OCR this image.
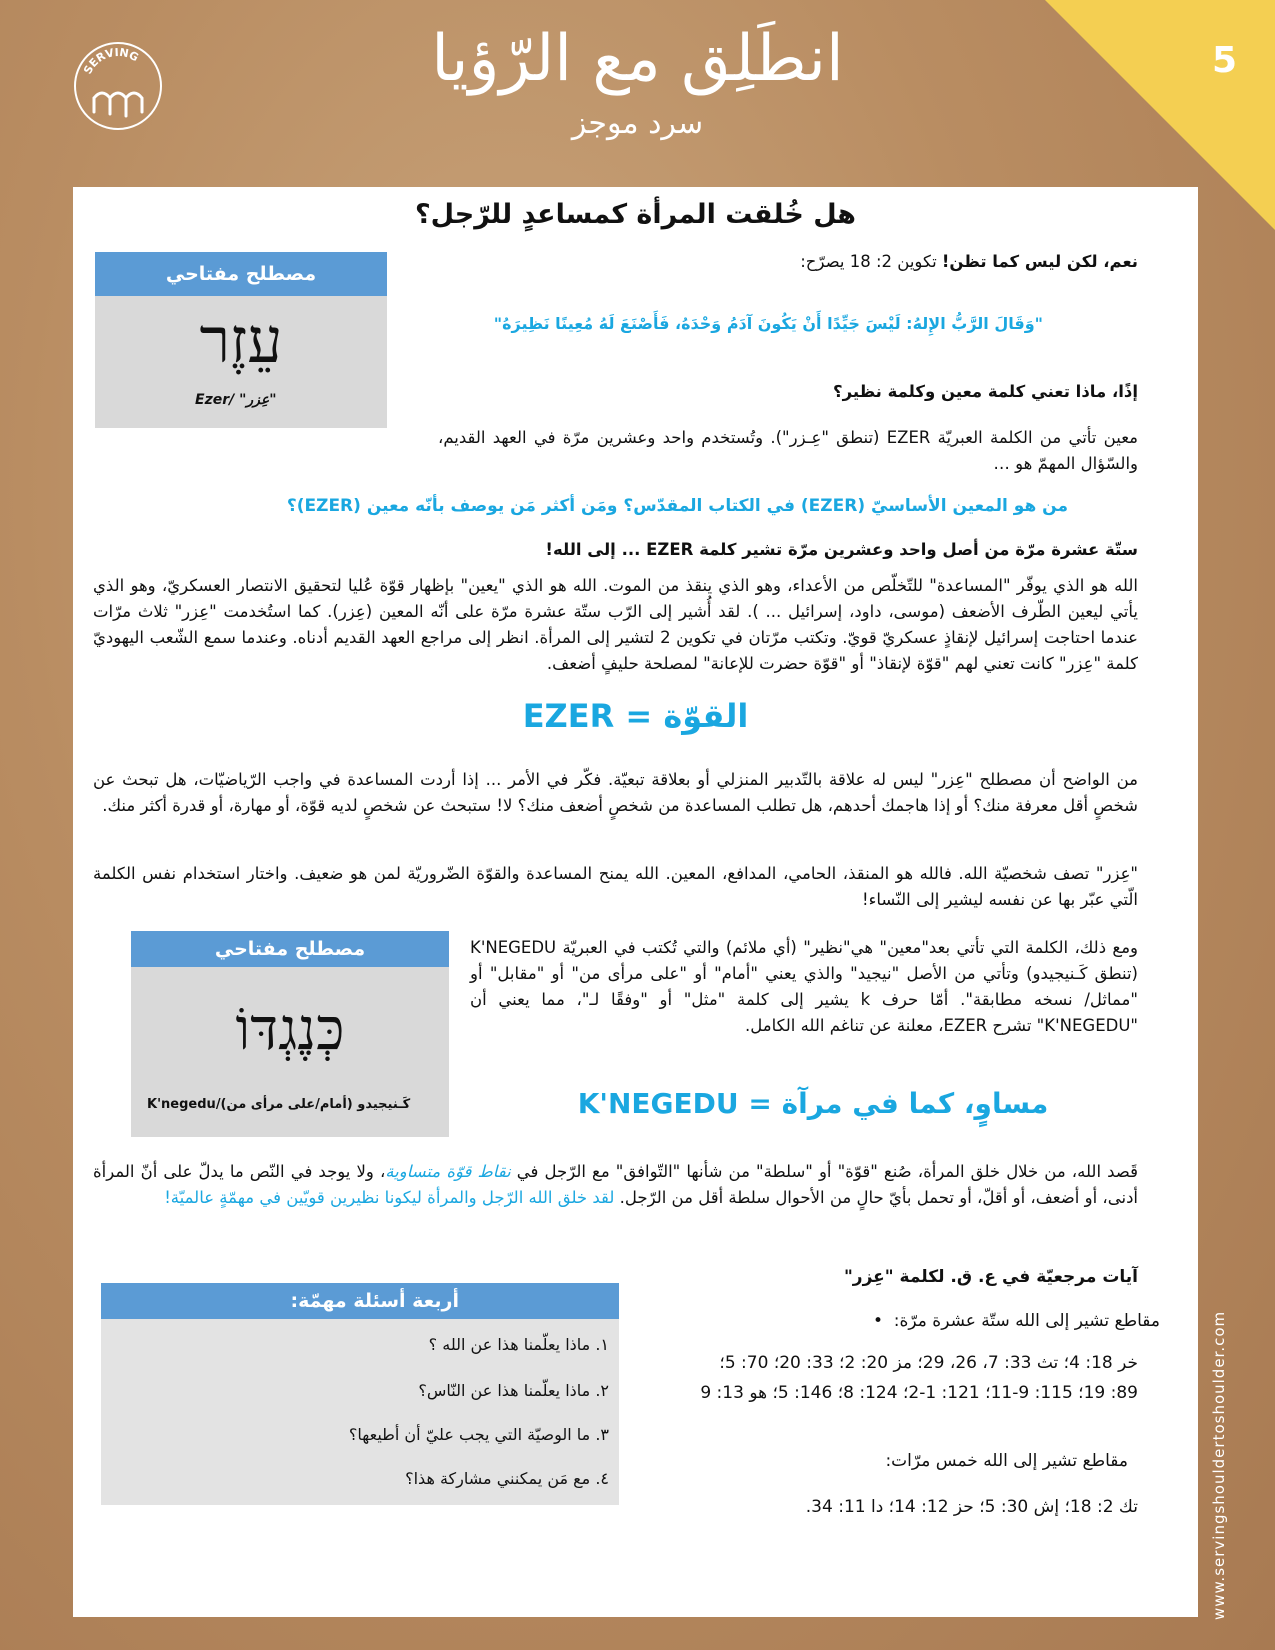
5
SERVING	انطَلِق مع الرّؤيا
سرد موجز
www.servingshouldertoshoulder.com
هل خُلقت المرأة كمساعدٍ للرّجل؟
مصطلح مفتاحي
עֵזֶר
"عِزر" /Ezer
نعم، لكن ليس كما تظن! تكوين 2: 18 يصرّح:
"وَقَالَ الرَّبُّ الإِلهُ: لَيْسَ جَيِّدًا أَنْ يَكُونَ آدَمُ وَحْدَهُ، فَأَصْنَعَ لَهُ مُعِينًا نَظِيرَهُ"
إذًا، ماذا تعني كلمة معين وكلمة نظير؟
معين تأتي من الكلمة العبريّة EZER (تنطق "عِـزر"). وتُستخدم واحد وعشرين مرّة في العهد القديم، والسّؤال المهمّ هو …
من هو المعين الأساسيّ (EZER) في الكتاب المقدّس؟ ومَن أكثر مَن يوصف بأنّه معين (EZER)؟
ستّة عشرة مرّة من أصل واحد وعشرين مرّة تشير كلمة EZER ... إلى الله!
الله هو الذي يوفّر "المساعدة" للتّخلّص من الأعداء، وهو الذي ينقذ من الموت. الله هو الذي "يعين" بإظهار قوّة عُليا لتحقيق الانتصار العسكريّ، وهو الذي يأتي ليعين الطّرف الأضعف (موسى، داود، إسرائيل ... ). لقد أُشير إلى الرّب ستّة عشرة مرّة على أنّه المعين (عِزر). كما استُخدمت "عِزر" ثلاث مرّات عندما احتاجت إسرائيل لإنقاذٍ عسكريّ قويّ. وتكتب مرّتان في تكوين 2 لتشير إلى المرأة. انظر إلى مراجع العهد القديم أدناه. وعندما سمع الشّعب اليهوديّ كلمة "عِزر" كانت تعني لهم "قوّة لإنقاذ" أو "قوّة حضرت للإعانة" لمصلحة حليفٍ أضعف.
EZER = القوّة
من الواضح أن مصطلح "عِزر" ليس له علاقة بالتّدبير المنزلي أو بعلاقة تبعيّة. فكّر في الأمر ... إذا أردت المساعدة في واجب الرّياضيّات، هل تبحث عن شخصٍ أقل معرفة منك؟ أو إذا هاجمك أحدهم، هل تطلب المساعدة من شخصٍ أضعف منك؟ لا! ستبحث عن شخصٍ لديه قوّة، أو مهارة، أو قدرة أكثر منك.
"عِزر" تصف شخصيّة الله. فالله هو المنقذ، الحامي، المدافع، المعين. الله يمنح المساعدة والقوّة الضّروريّة لمن هو ضعيف. واختار استخدام نفس الكلمة الّتي عبّر بها عن نفسه ليشير إلى النّساء!
مصطلح مفتاحي
כְּנֶגְדּוֹ
كَـنيجيدو (أمام/على مرأى من)/K'negedu
ومع ذلك، الكلمة التي تأتي بعد"معين" هي"نظير" (أي ملائم) والتي تُكتب في العبريّة K'NEGEDU (تنطق كَـنيجيدو) وتأتي من الأصل "نيجيد" والذي يعني "أمام" أو "على مرأى من" أو "مقابل" أو "مماثل/ نسخه مطابقة". أمّا حرف k يشير إلى كلمة "مثل" أو "وفقًا لـ"، مما يعني أن "K'NEGEDU" تشرح EZER، معلنة عن تناغم الله الكامل.
K'NEGEDU = مساوٍ، كما في مرآة
قَصد الله، من خلال خلق المرأة، صُنع "قوّة" أو "سلطة" من شأنها "التّوافق" مع الرّجل في نقاط قوّة متساوية، ولا يوجد في النّص ما يدلّ على أنّ المرأة أدنى، أو أضعف، أو أقلّ، أو تحمل بأيّ حالٍ من الأحوال سلطة أقل من الرّجل. لقد خلق الله الرّجل والمرأة ليكونا نظيرين قويّين في مهمّةٍ عالميّة!
أربعة أسئلة مهمّة:
١. ماذا يعلّمنا هذا عن الله ؟
٢. ماذا يعلّمنا هذا عن النّاس؟
٣. ما الوصيّة التي يجب عليّ أن أطيعها؟
٤. مع مَن يمكنني مشاركة هذا؟
آيات مرجعيّة في ع. ق. لكلمة "عِزر"
مقاطع تشير إلى الله ستّة عشرة مرّة:  •
خر 18: 4؛ تث 33: 7، 26، 29؛ مز 20: 2؛ 33: 20؛ 70: 5؛
89: 19؛ 115: 9-11؛ 121: 1-2؛ 124: 8؛ 146: 5؛ هو 13: 9
مقاطع تشير إلى الله خمس مرّات:
تك 2: 18؛ إش 30: 5؛ حز 12: 14؛ دا 11: 34.
